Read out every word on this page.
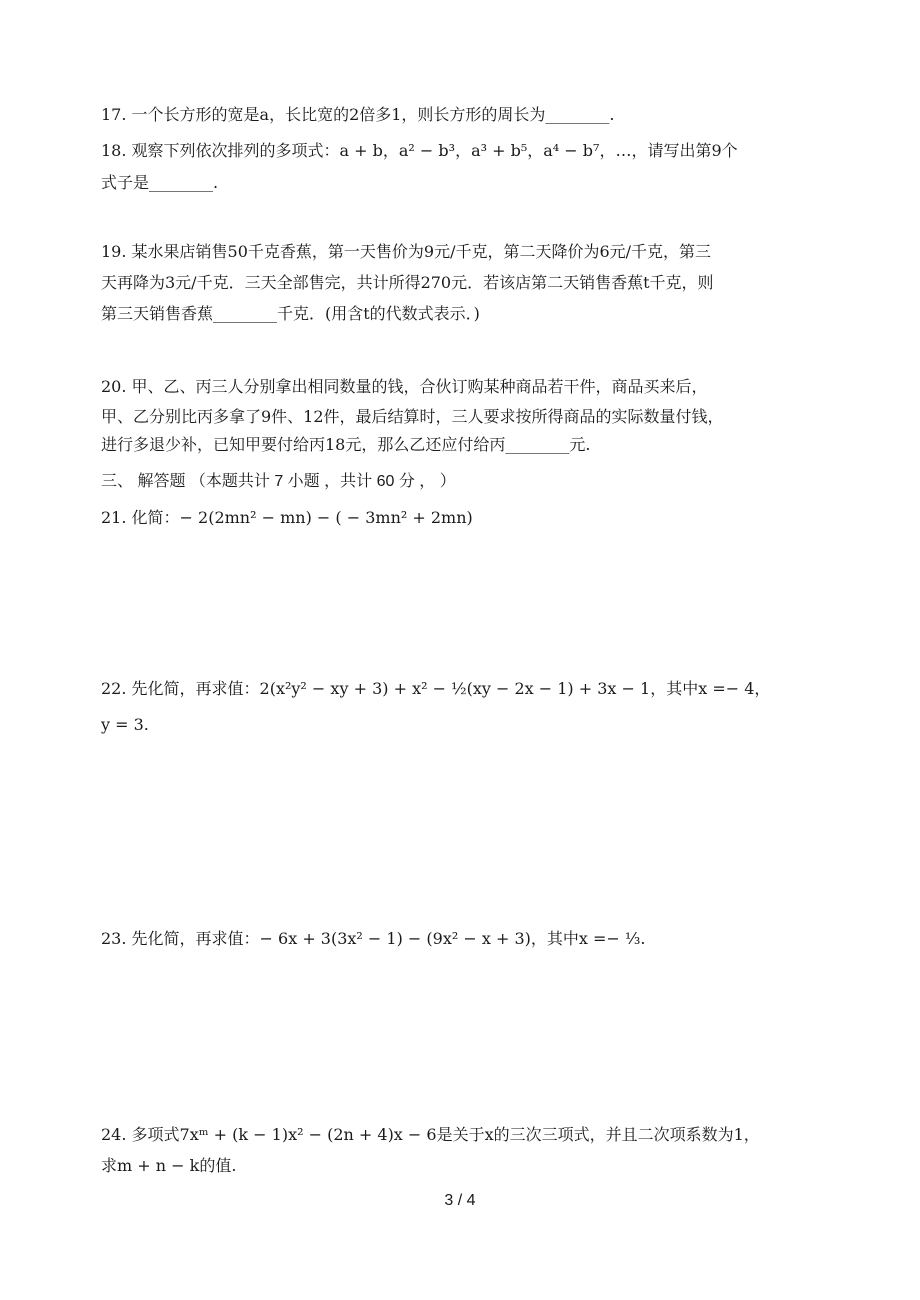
17. 一个长方形的宽是a，长比宽的2倍多1，则长方形的周长为________.
18. 观察下列依次排列的多项式：a + b，a² − b³，a³ + b⁵，a⁴ − b⁷，…，请写出第9个
式子是________.
19. 某水果店销售50千克香蕉，第一天售价为9元/千克，第二天降价为6元/千克，第三
天再降为3元/千克．三天全部售完，共计所得270元．若该店第二天销售香蕉t千克，则
第三天销售香蕉________千克．(用含t的代数式表示．)
20. 甲、乙、丙三人分别拿出相同数量的钱，合伙订购某种商品若干件，商品买来后，
甲、乙分别比丙多拿了9件、12件，最后结算时，三人要求按所得商品的实际数量付钱，
进行多退少补，已知甲要付给丙18元，那么乙还应付给丙________元.
三、 解答题 （本题共计 7 小题 ，共计 60 分 ， ）
21. 化简：− 2(2mn² − mn) − ( − 3mn² + 2mn)
22. 先化简，再求值：2(x²y² − xy + 3) + x² − ½(xy − 2x − 1) + 3x − 1，其中x =− 4，
y = 3.
23. 先化简，再求值：− 6x + 3(3x² − 1) − (9x² − x + 3)，其中x =− ⅓.
24. 多项式7xᵐ + (k − 1)x² − (2n + 4)x − 6是关于x的三次三项式，并且二次项系数为1，
求m + n − k的值.
3 / 4
